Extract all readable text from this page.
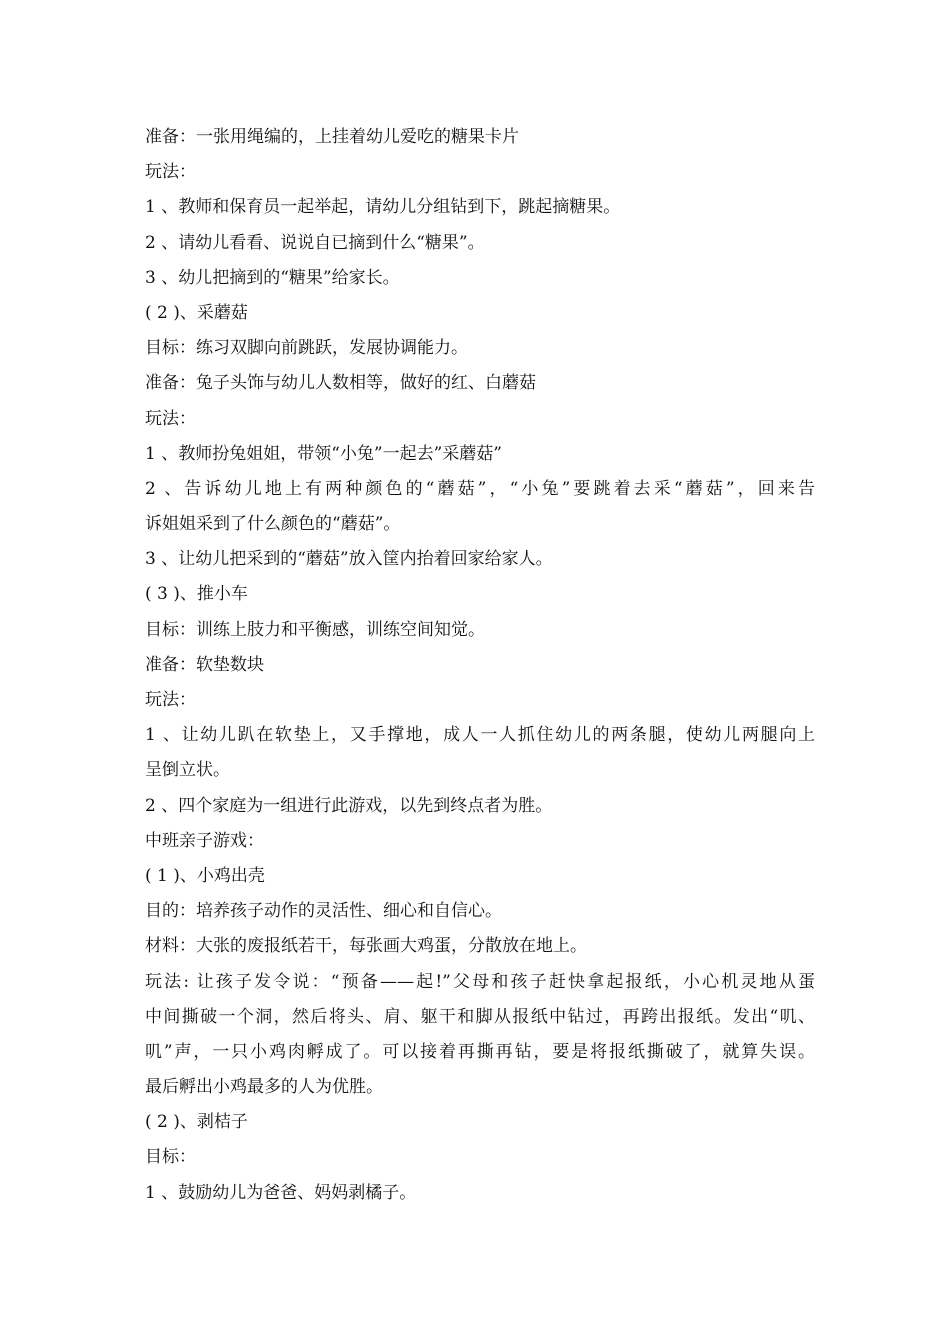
准备：一张用绳编的，上挂着幼儿爱吃的糖果卡片
玩法：
1 、教师和保育员一起举起，请幼儿分组钻到下，跳起摘糖果。
2 、请幼儿看看、说说自已摘到什么“糖果”。
3 、幼儿把摘到的“糖果”给家长。
( 2 )、采蘑菇
目标：练习双脚向前跳跃，发展协调能力。
准备：兔子头饰与幼儿人数相等，做好的红、白蘑菇
玩法：
1 、教师扮兔姐姐，带领“小兔”一起去”采蘑菇”
2 、告诉幼儿地上有两种颜色的“蘑菇”，“小兔”要跳着去采“蘑菇”，回来告
诉姐姐采到了什么颜色的“蘑菇”。
3 、让幼儿把采到的“蘑菇”放入筐内抬着回家给家人。
( 3 )、推小车
目标：训练上肢力和平衡感，训练空间知觉。
准备：软垫数块
玩法：
1 、让幼儿趴在软垫上，又手撑地，成人一人抓住幼儿的两条腿，使幼儿两腿向上
呈倒立状。
2 、四个家庭为一组进行此游戏，以先到终点者为胜。
中班亲子游戏：
( 1 )、小鸡出壳
目的：培养孩子动作的灵活性、细心和自信心。
材料：大张的废报纸若干，每张画大鸡蛋，分散放在地上。
玩法: 让孩子发令说：“预备——起!”父母和孩子赶快拿起报纸，小心机灵地从蛋
中间撕破一个洞，然后将头、肩、躯干和脚从报纸中钻过，再跨出报纸。发出“叽、
叽”声，一只小鸡肉孵成了。可以接着再撕再钻，要是将报纸撕破了，就算失误。
最后孵出小鸡最多的人为优胜。
( 2 )、剥桔子
目标：
1 、鼓励幼儿为爸爸、妈妈剥橘子。
